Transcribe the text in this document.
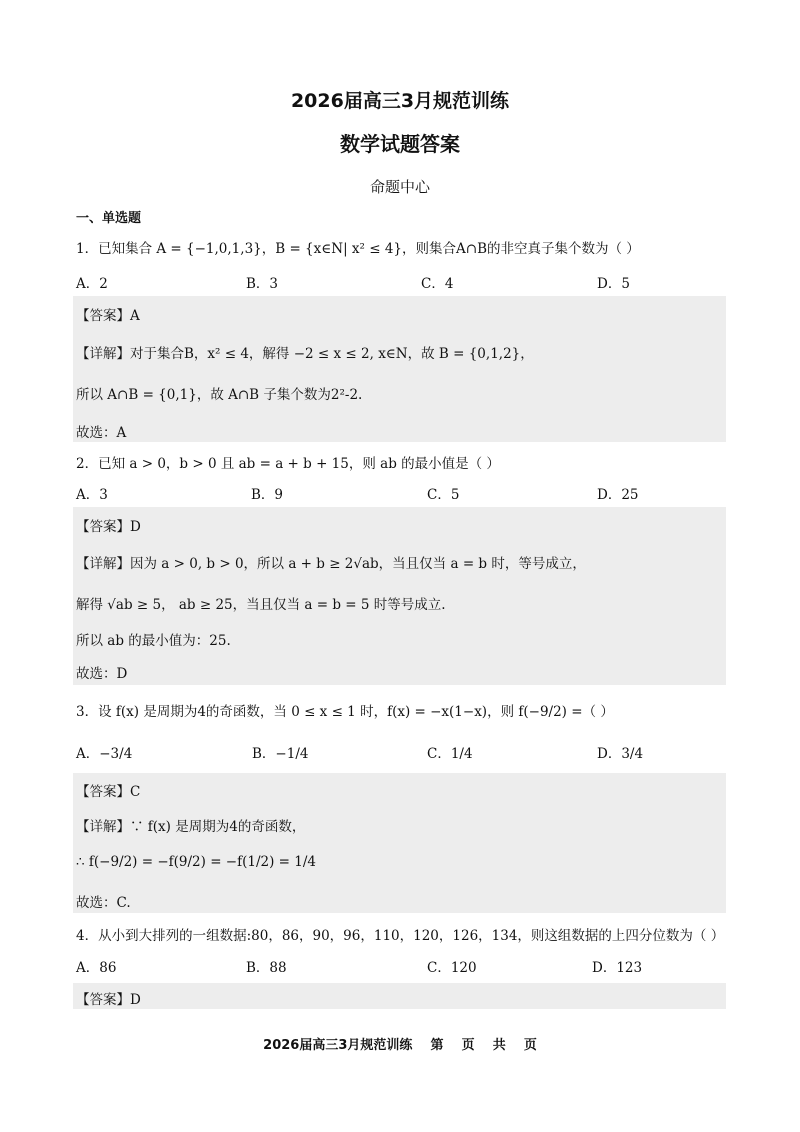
2026届高三3月规范训练
数学试题答案
命题中心
一、单选题
1．已知集合 A = {−1,0,1,3}，B = {x∈N| x² ≤ 4}，则集合A∩B的非空真子集个数为（ ）
A．2	B．3	C．4	D．5
【答案】A
【详解】对于集合B，x² ≤ 4，解得 −2 ≤ x ≤ 2, x∈N，故 B = {0,1,2}，
所以 A∩B = {0,1}，故 A∩B 子集个数为2²-2.
故选：A
2．已知 a > 0，b > 0 且 ab = a + b + 15，则 ab 的最小值是（ ）
A．3	B．9	C．5	D．25
【答案】D
【详解】因为 a > 0, b > 0，所以 a + b ≥ 2√ab，当且仅当 a = b 时，等号成立，
解得 √ab ≥ 5， ab ≥ 25，当且仅当 a = b = 5 时等号成立.
所以 ab 的最小值为：25.
故选：D
3．设 f(x) 是周期为4的奇函数，当 0 ≤ x ≤ 1 时，f(x) = −x(1−x)，则 f(−9/2) =（ ）
A．−3/4	B．−1/4	C．1/4	D．3/4
【答案】C
【详解】∵ f(x) 是周期为4的奇函数，
∴ f(−9/2) = −f(9/2) = −f(1/2) = 1/4
故选：C.
4．从小到大排列的一组数据:80，86，90，96，110，120，126，134，则这组数据的上四分位数为（ ）
A．86	B．88	C．120	D．123
【答案】D
2026届高三3月规范训练    第    页    共    页
